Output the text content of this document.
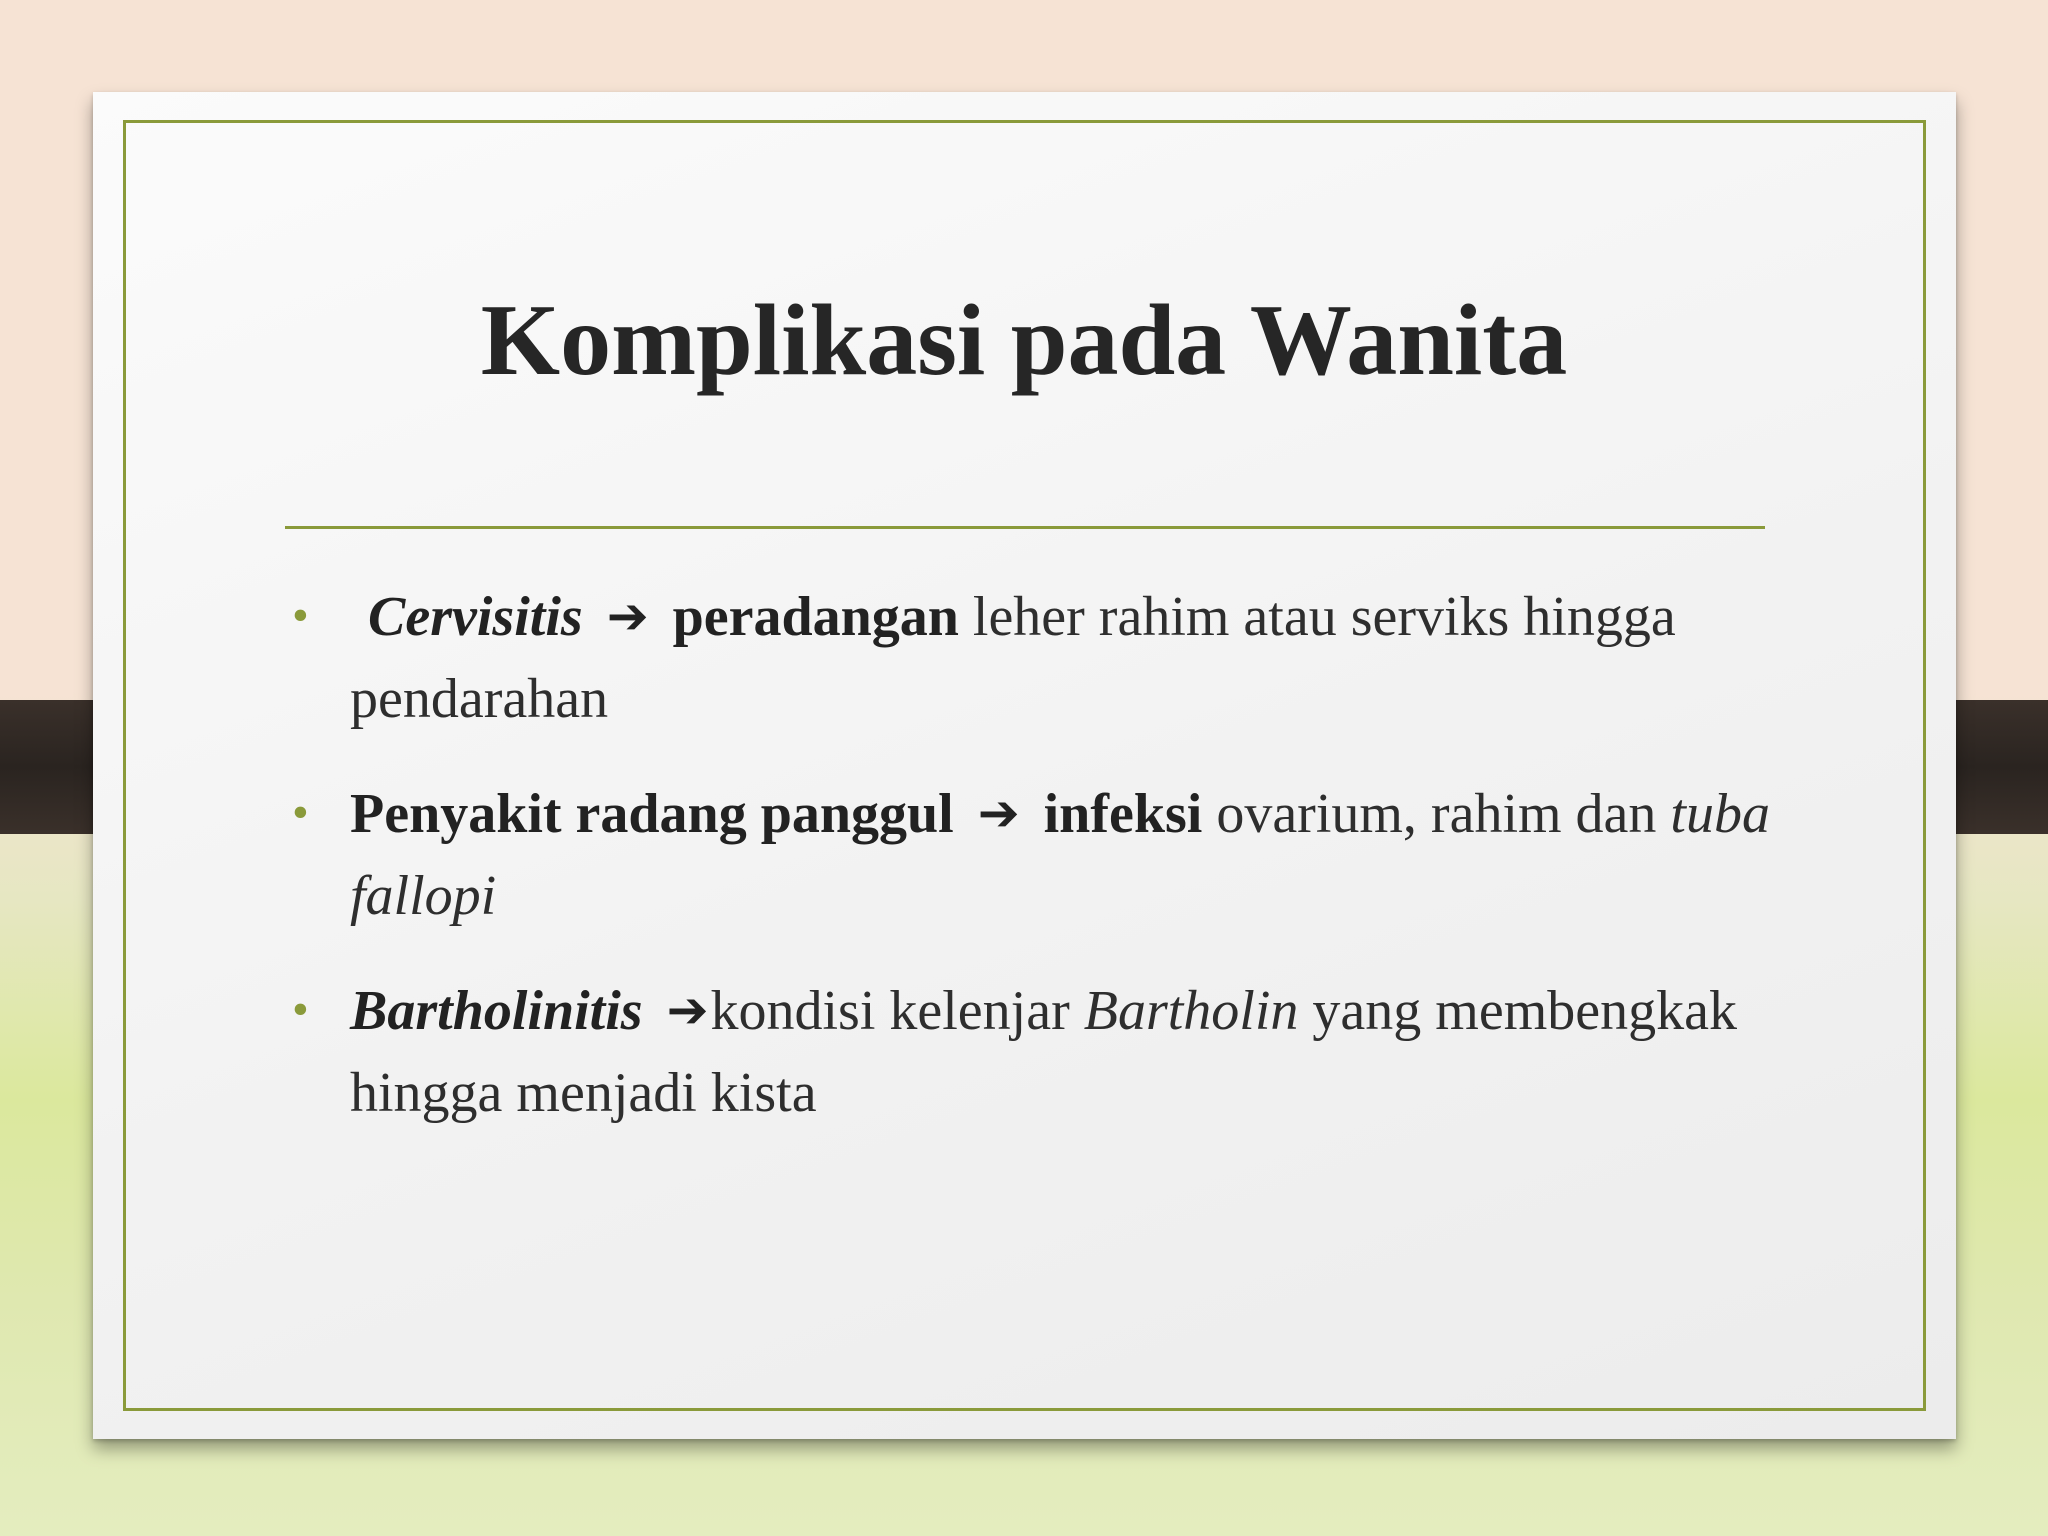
Komplikasi pada Wanita
• Cervisitis ➔ peradangan leher rahim atau serviks hingga pendarahan
• Penyakit radang panggul ➔ infeksi ovarium, rahim dan tuba fallopi
• Bartholinitis ➔kondisi kelenjar Bartholin yang membengkak hingga menjadi kista
